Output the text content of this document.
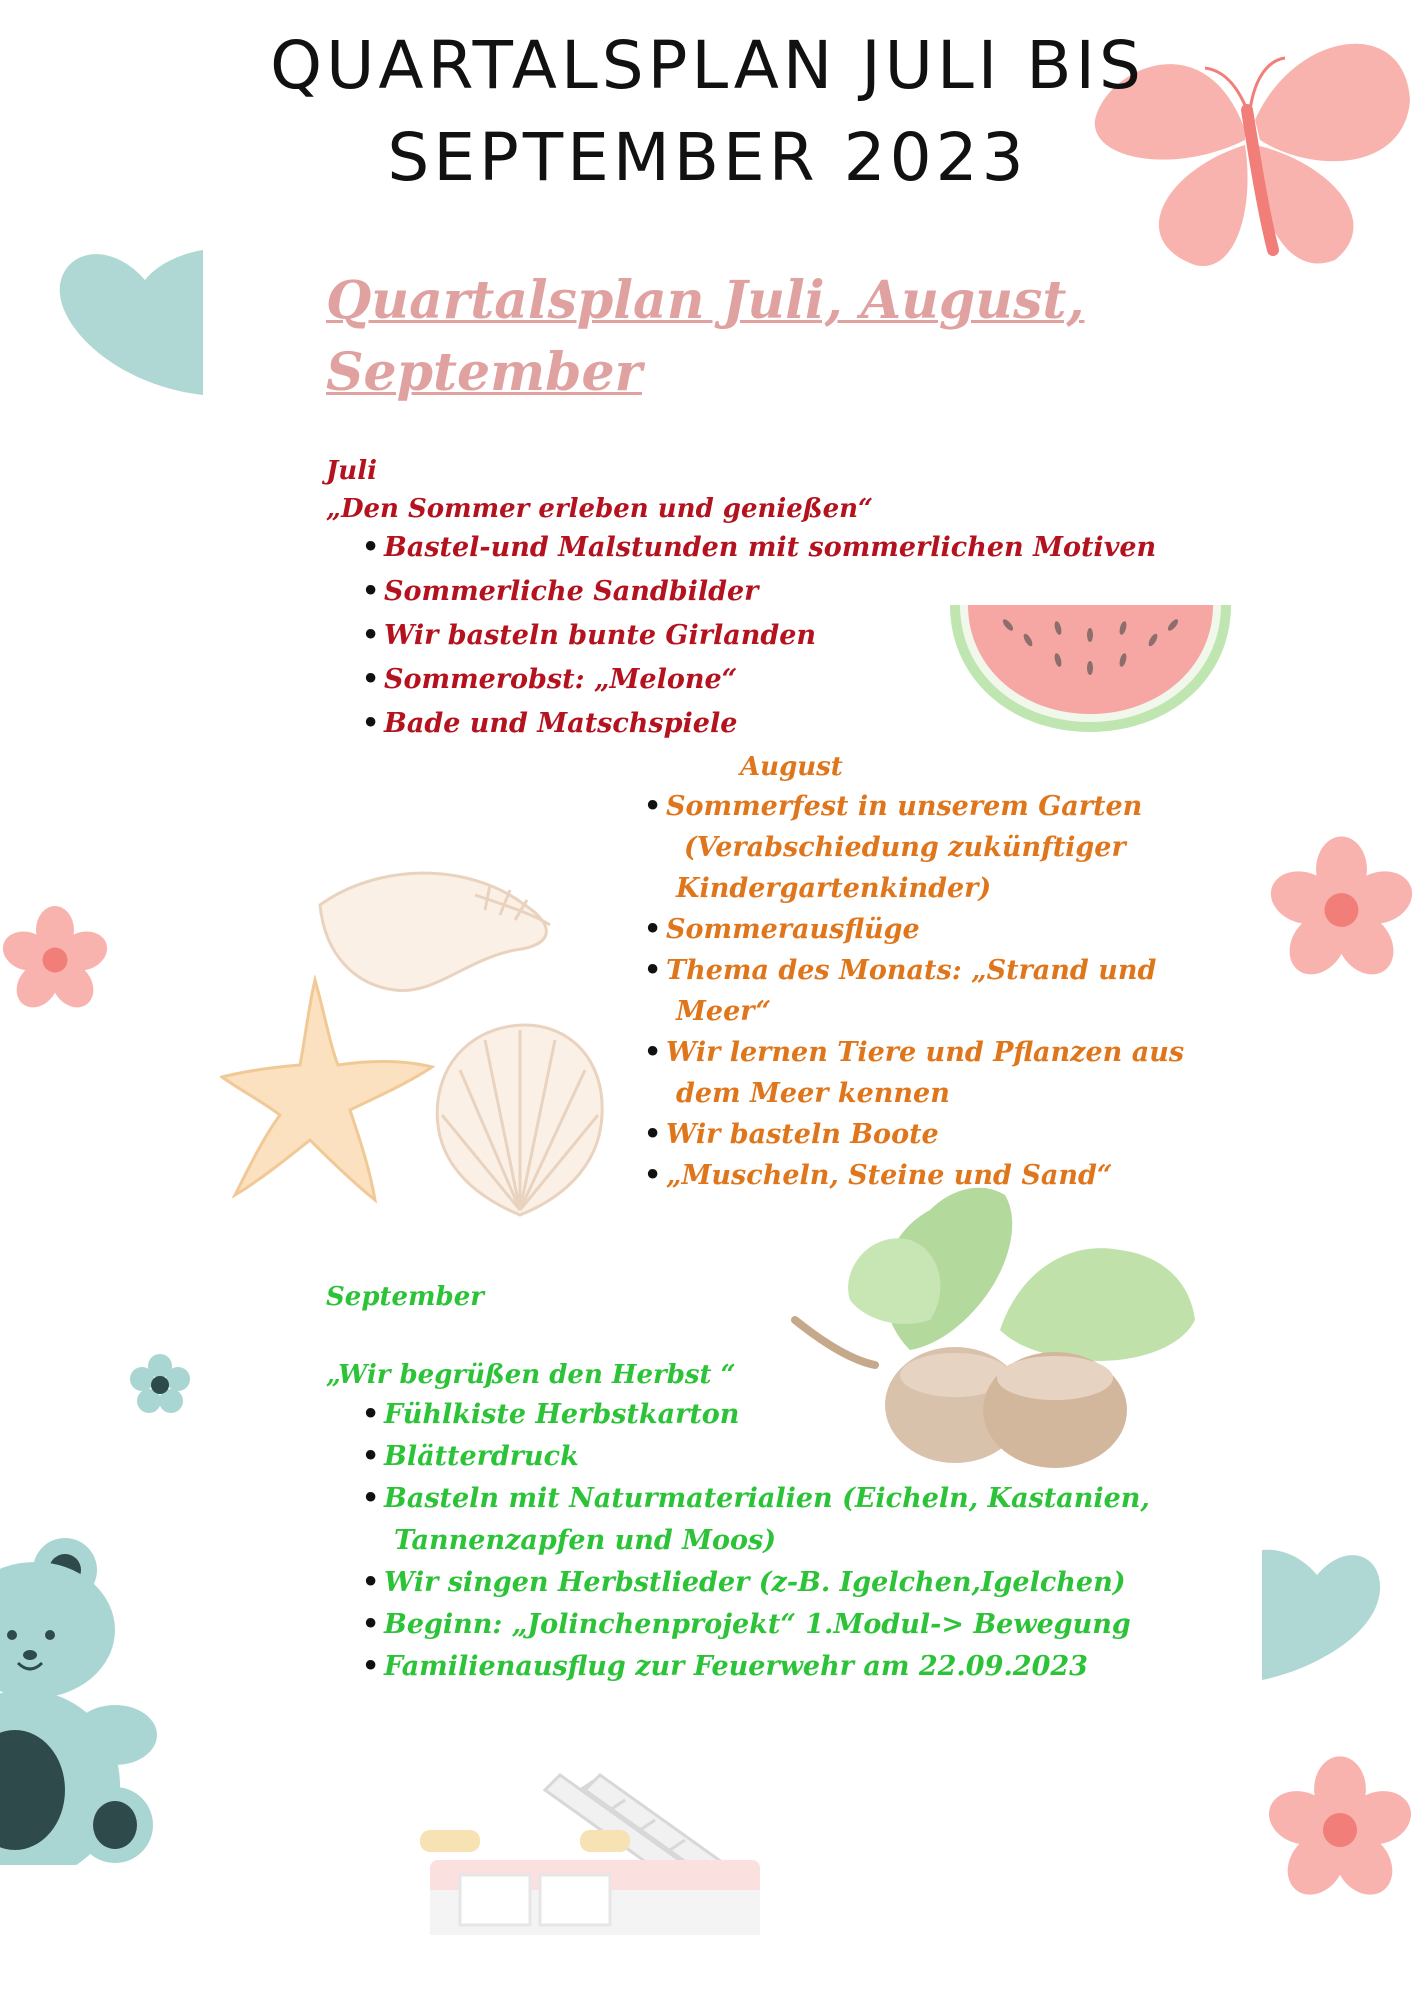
QUARTALSPLAN JULI BIS
SEPTEMBER 2023
Quartalsplan Juli, August,
September
Juli
„Den Sommer erleben und genießen“
• Bastel-und Malstunden mit sommerlichen Motiven
• Sommerliche Sandbilder
• Wir basteln bunte Girlanden
• Sommerobst: „Melone“
• Bade und Matschspiele
August
• Sommerfest in unserem Garten
(Verabschiedung zukünftiger
Kindergartenkinder)
• Sommerausflüge
• Thema des Monats: „Strand und
Meer“
• Wir lernen Tiere und Pflanzen aus
dem Meer kennen
• Wir basteln Boote
• „Muscheln, Steine und Sand“
September
„Wir begrüßen den Herbst “
• Fühlkiste Herbstkarton
• Blätterdruck
• Basteln mit Naturmaterialien (Eicheln, Kastanien,
Tannenzapfen und Moos)
• Wir singen Herbstlieder (z-B. Igelchen,Igelchen)
• Beginn: „Jolinchenprojekt“ 1.Modul-> Bewegung
• Familienausflug zur Feuerwehr am 22.09.2023
